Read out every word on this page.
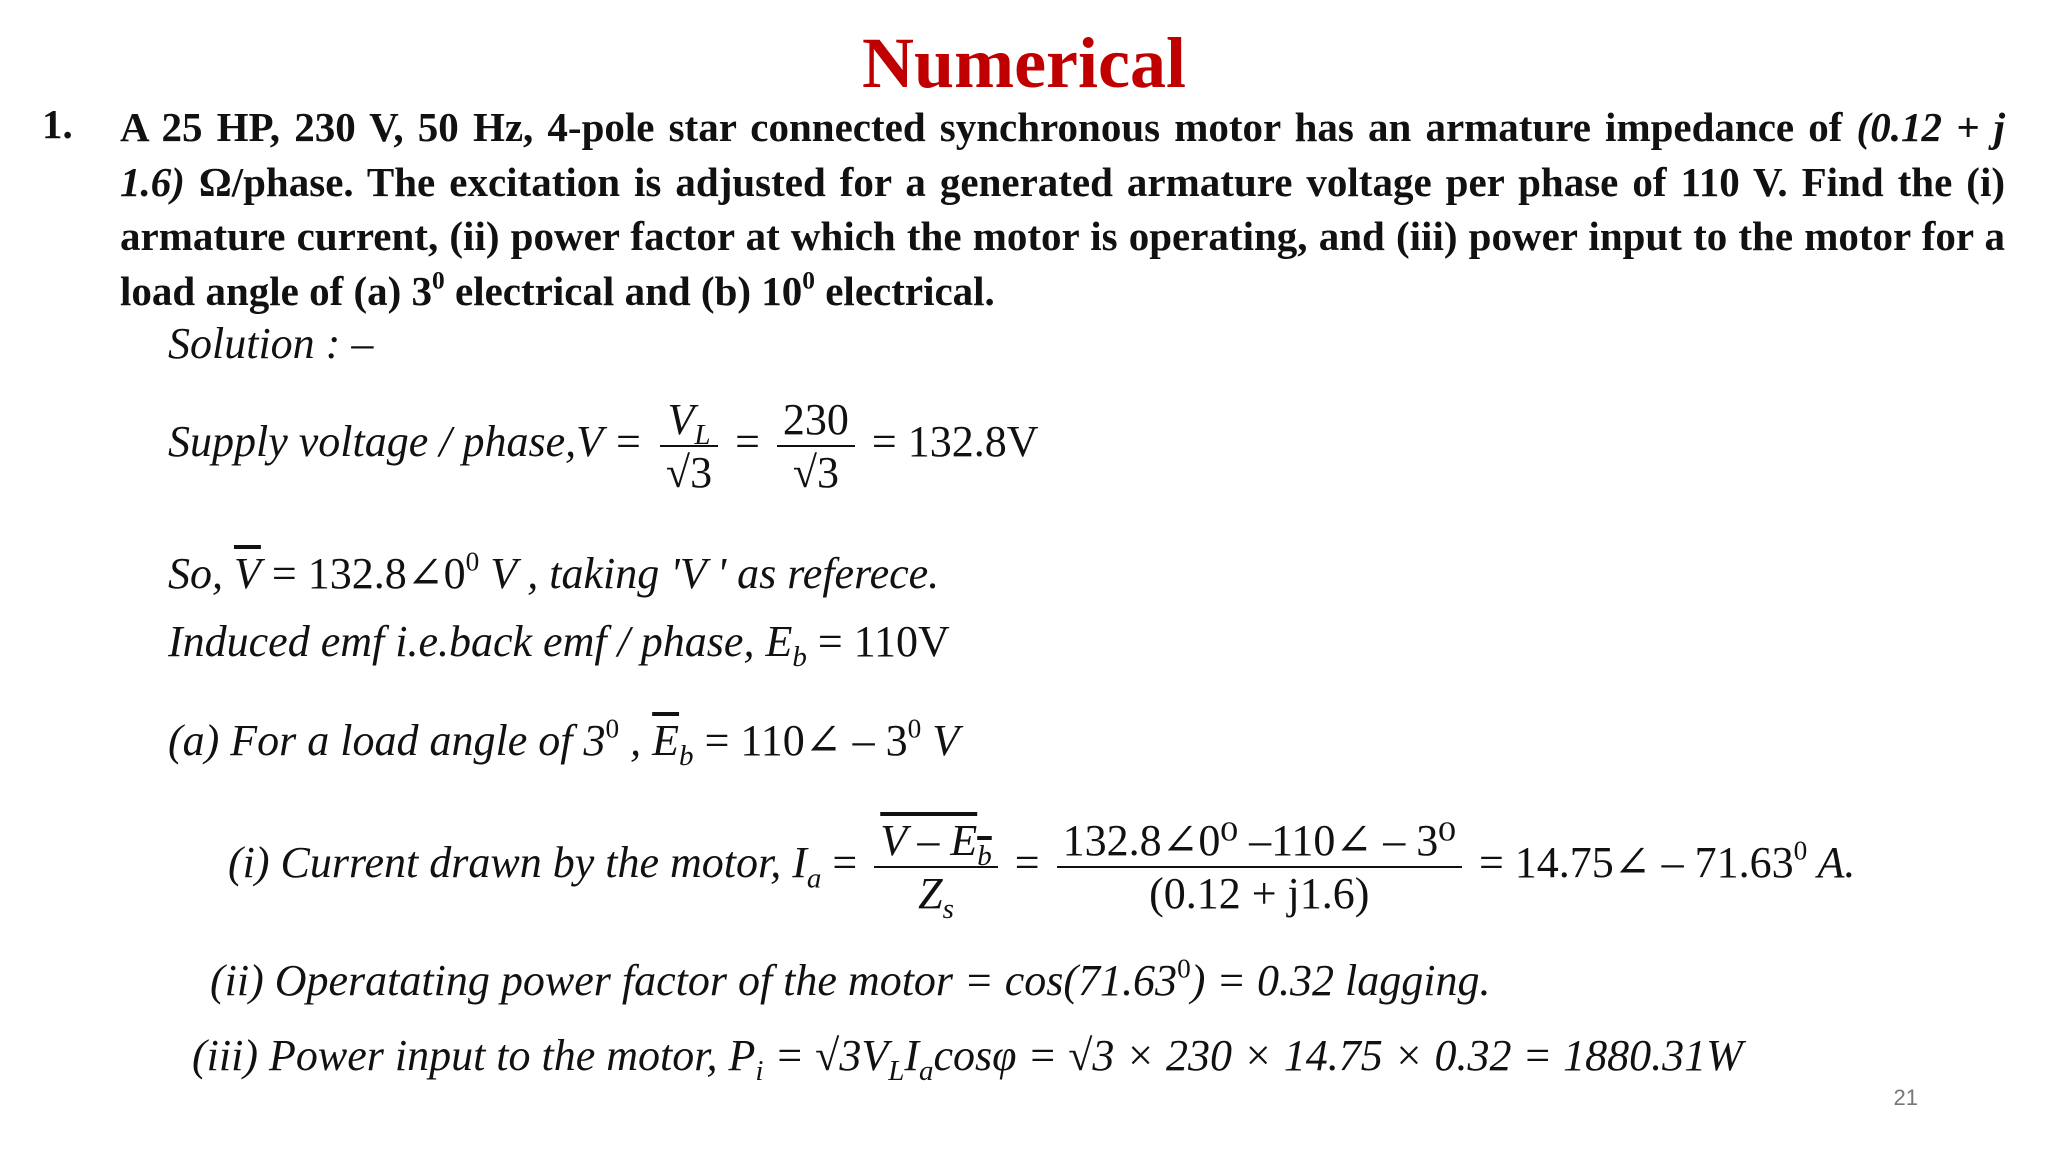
Numerical
1. A 25 HP, 230 V, 50 Hz, 4-pole star connected synchronous motor has an armature impedance of (0.12 + j 1.6) Ω/phase. The excitation is adjusted for a generated armature voltage per phase of 110 V. Find the (i) armature current, (ii) power factor at which the motor is operating, and (iii) power input to the motor for a load angle of (a) $3^0$ electrical and (b) $10^0$ electrical.
Solution : –
Supply voltage / phase,V = $\frac{V_L}{√3} = \frac{230}{√3} = 132.8V$
So, $\overline{V}$ = $132.8\angle 0^0$ V , taking 'V ' as referece.
Induced emf i.e.back emf / phase, $E_b = 110V$
(a) For a load angle of $3^0$ , $\overline{E}_b$ = 110∠ – $3^0$ V
(i) Current drawn by the motor, $I_a = \frac{V - E_b}{Z_s} = \frac{\text{132.8∠0⁰ –110∠ – 3⁰}}{(0.12 + j1.6)}$ = 14.75∠ – 71.63$^0$ A.
(ii) Operatating power factor of the motor = $\cos(71.63^0) = 0.32$ lagging.
(iii) Power input to the motor, $P_i = √3V_LI_a\cos\varphi = √3 \times 230 \times 14.75 \times 0.32 = 1880.31W$
21
